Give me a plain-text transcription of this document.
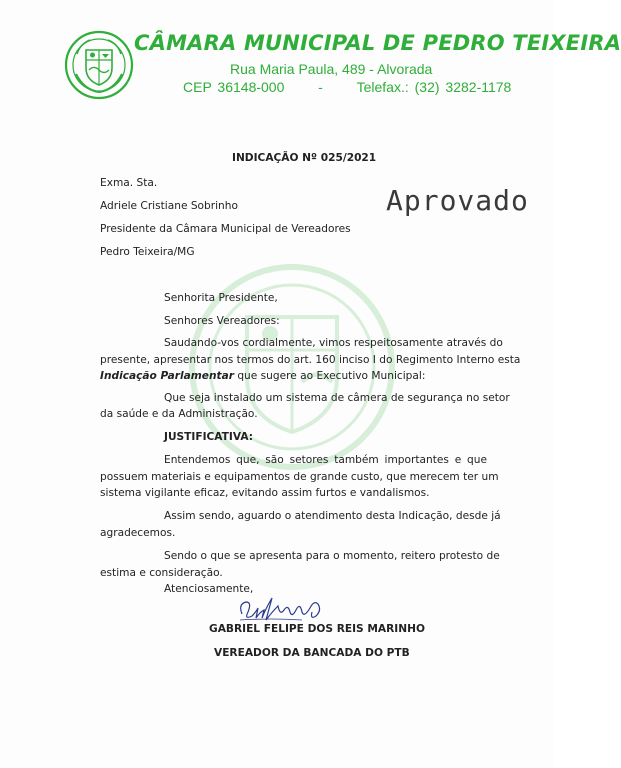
CÂMARA MUNICIPAL DE PEDRO TEIXEIRA
Rua Maria Paula, 489 - Alvorada
CEP 36148-000 - Telefax.: (32) 3282-1178
Aprovado
INDICAÇÃO Nº 025/2021
Exma. Sta.
Adriele Cristiane Sobrinho
Presidente da Câmara Municipal de Vereadores
Pedro Teixeira/MG
Senhorita Presidente,
Senhores Vereadores:
Saudando-vos cordialmente, vimos respeitosamente através do
presente, apresentar nos termos do art. 160 inciso I do Regimento Interno esta
Indicação Parlamentar que sugere ao Executivo Municipal:
Que seja instalado um sistema de câmera de segurança no setor
da saúde e da Administração.
JUSTIFICATIVA:
Entendemos que, são setores também importantes e que
possuem materiais e equipamentos de grande custo, que merecem ter um
sistema vigilante eficaz, evitando assim furtos e vandalismos.
Assim sendo, aguardo o atendimento desta Indicação, desde já
agradecemos.
Sendo o que se apresenta para o momento, reitero protesto de
estima e consideração.
Atenciosamente,
GABRIEL FELIPE DOS REIS MARINHO
VEREADOR DA BANCADA DO PTB
